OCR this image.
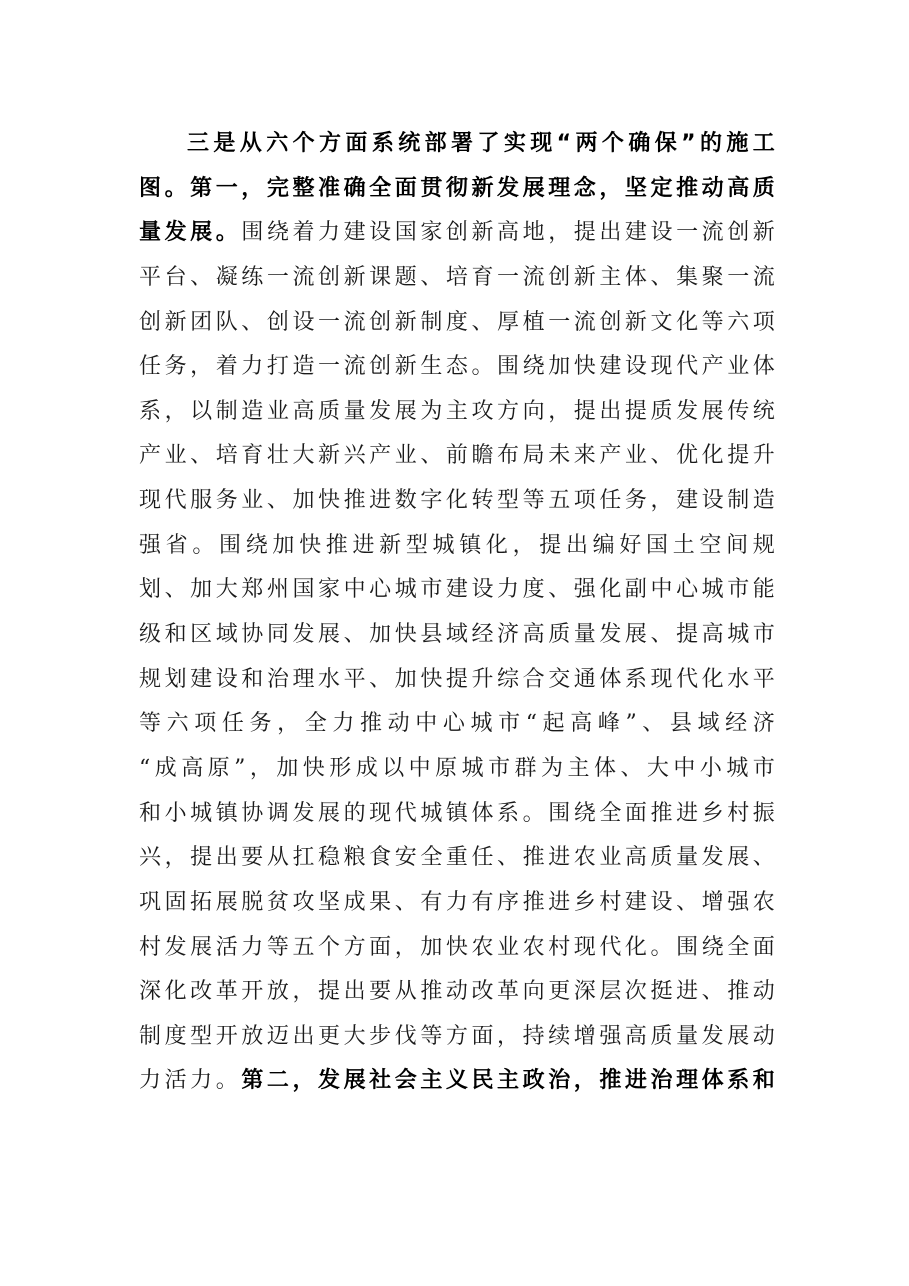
三是从六个方面系统部署了实现“两个确保”的施工
图。第一，完整准确全面贯彻新发展理念，坚定推动高质
量发展。围绕着力建设国家创新高地，提出建设一流创新
平台、凝练一流创新课题、培育一流创新主体、集聚一流
创新团队、创设一流创新制度、厚植一流创新文化等六项
任务，着力打造一流创新生态。围绕加快建设现代产业体
系，以制造业高质量发展为主攻方向，提出提质发展传统
产业、培育壮大新兴产业、前瞻布局未来产业、优化提升
现代服务业、加快推进数字化转型等五项任务，建设制造
强省。围绕加快推进新型城镇化，提出编好国土空间规
划、加大郑州国家中心城市建设力度、强化副中心城市能
级和区域协同发展、加快县域经济高质量发展、提高城市
规划建设和治理水平、加快提升综合交通体系现代化水平
等六项任务，全力推动中心城市“起高峰”、县域经济
“成高原”，加快形成以中原城市群为主体、大中小城市
和小城镇协调发展的现代城镇体系。围绕全面推进乡村振
兴，提出要从扛稳粮食安全重任、推进农业高质量发展、
巩固拓展脱贫攻坚成果、有力有序推进乡村建设、增强农
村发展活力等五个方面，加快农业农村现代化。围绕全面
深化改革开放，提出要从推动改革向更深层次挺进、推动
制度型开放迈出更大步伐等方面，持续增强高质量发展动
力活力。第二，发展社会主义民主政治，推进治理体系和
